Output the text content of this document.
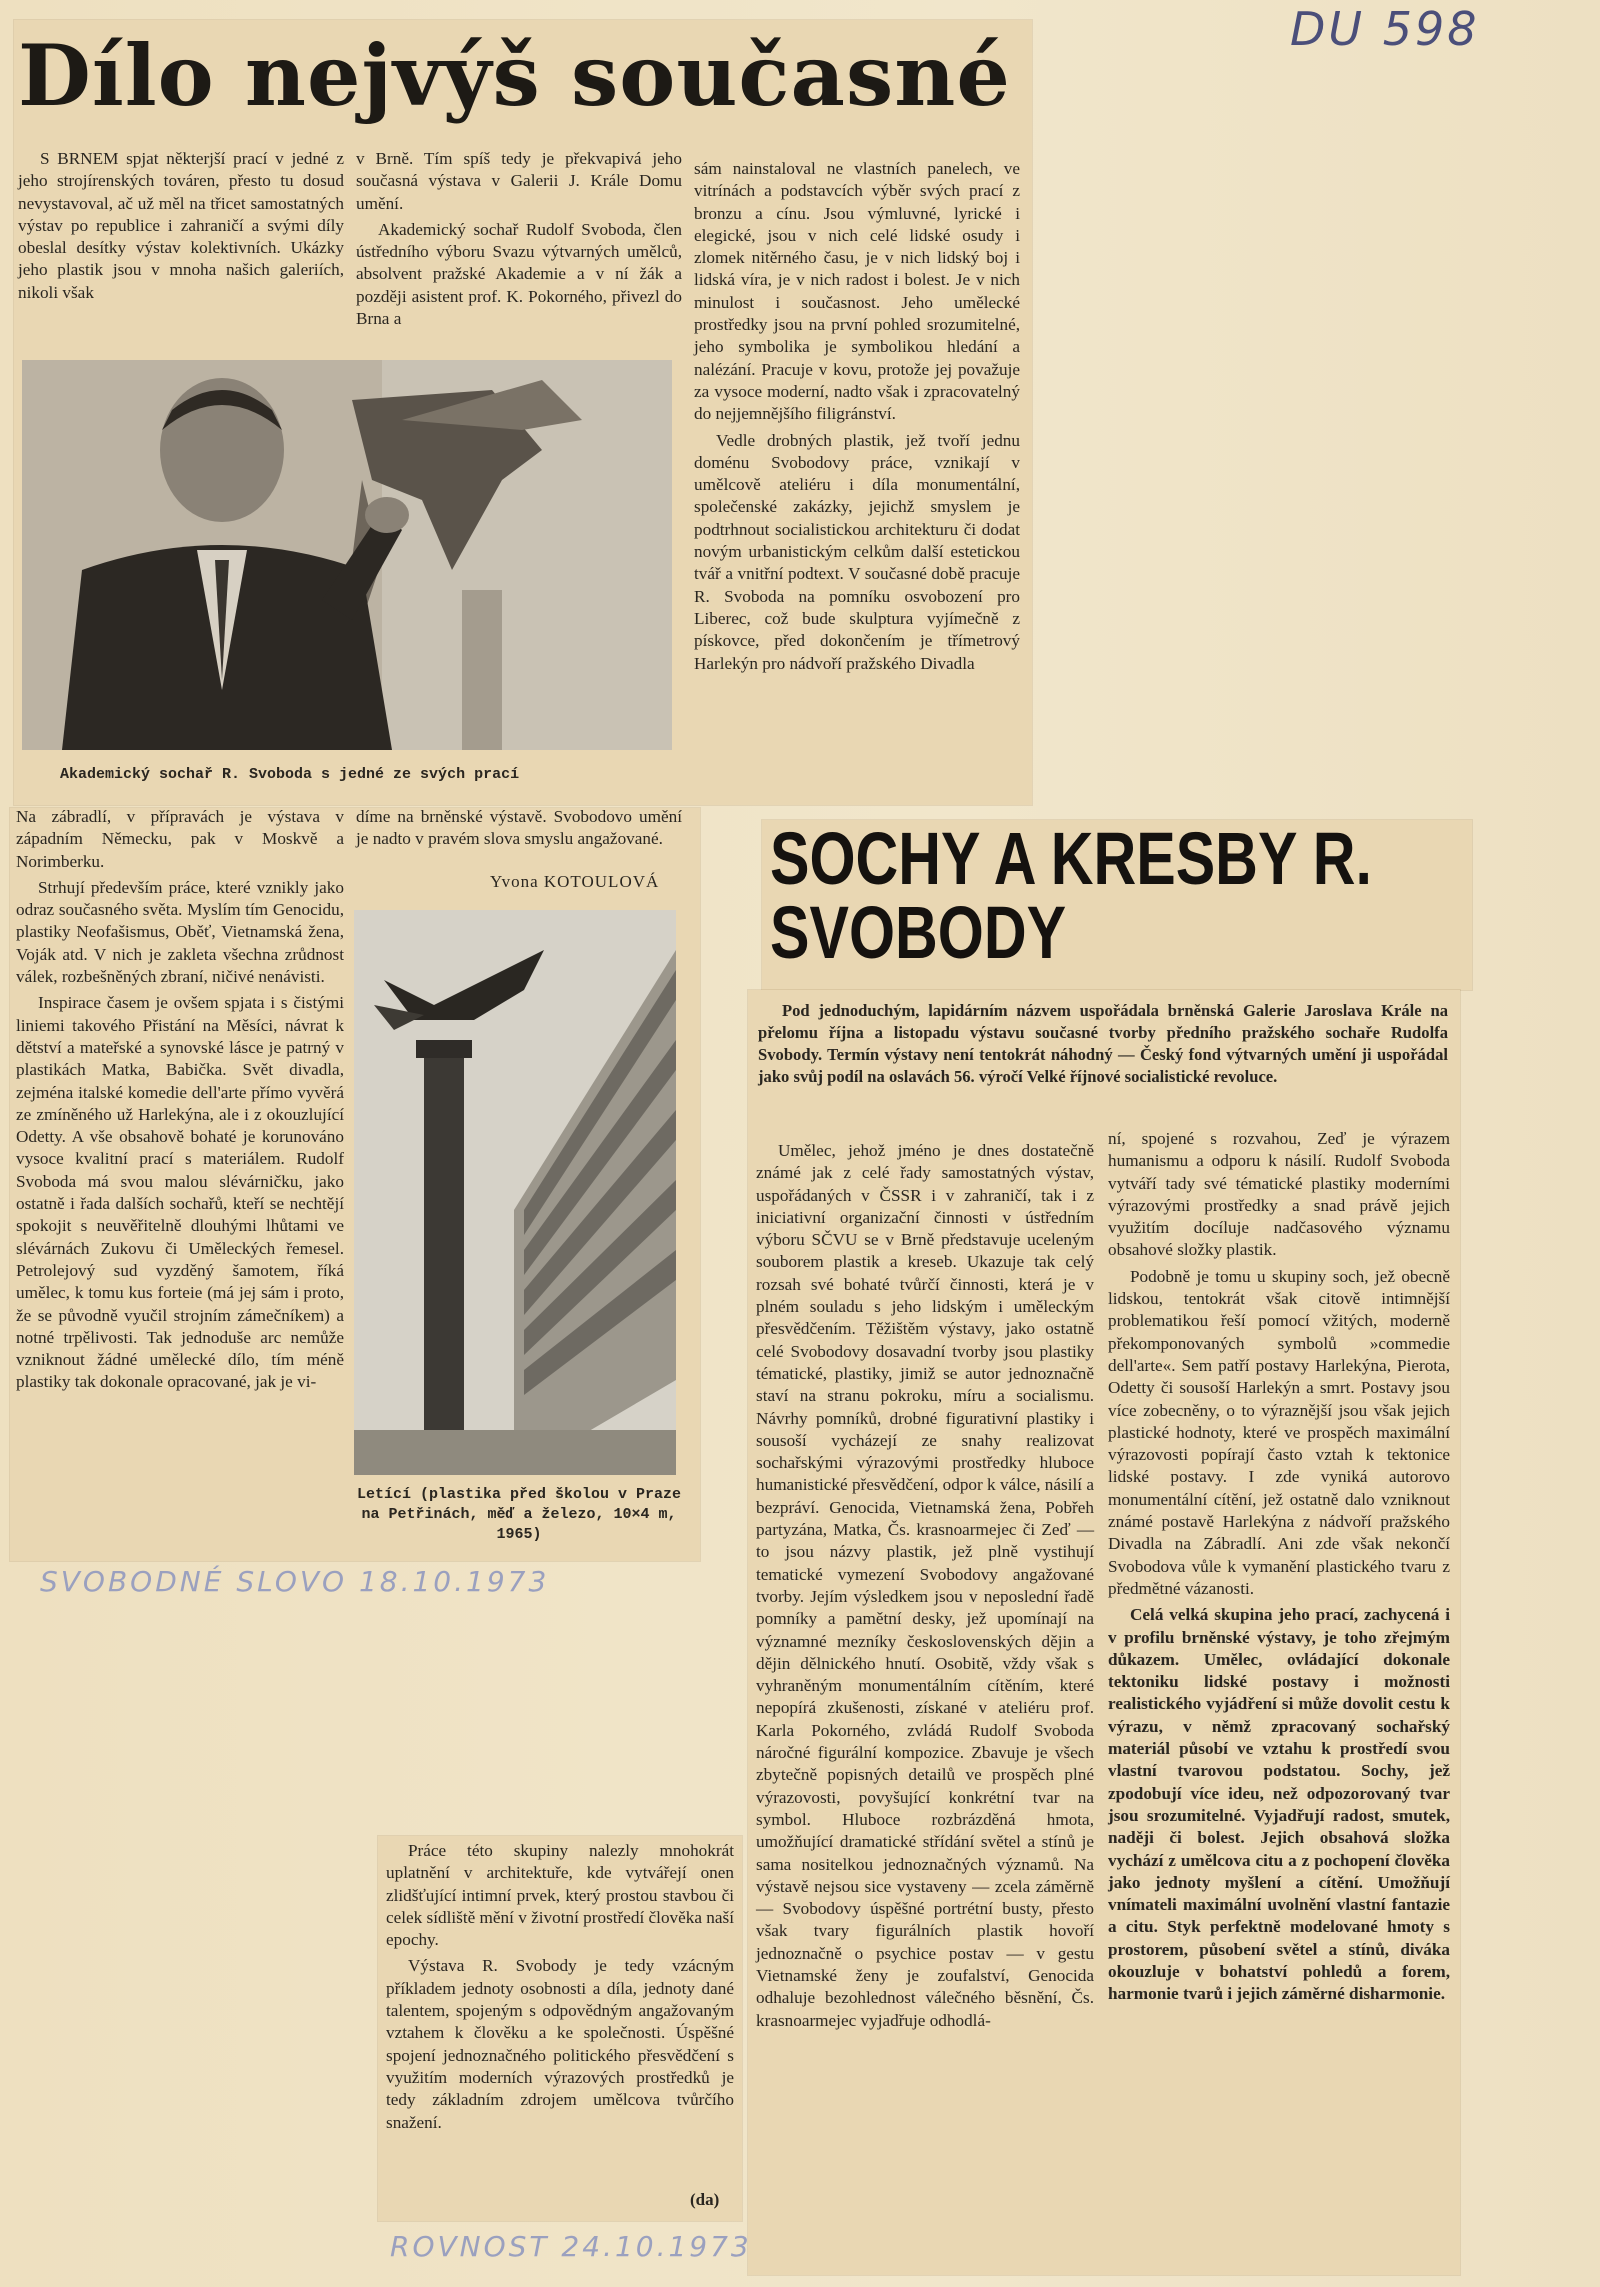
DU 598
Dílo nejvýš současné

S BRNEM spjat některjší prací v jedné z jeho strojírenských továren, přesto tu dosud nevystavoval, ač už měl na třicet samostatných výstav po republice i zahraničí a svými díly obeslal desítky výstav kolektivních. Ukázky jeho plastik jsou v mnoha našich galeriích, nikoli však

v Brně. Tím spíš tedy je překvapivá jeho současná výstava v Galerii J. Krále Domu umění.

Akademický sochař Rudolf Svoboda, člen ústředního výboru Svazu výtvarných umělců, absolvent pražské Akademie a v ní žák a později asistent prof. K. Pokorného, přivezl do Brna a

sám nainstaloval ne vlastních panelech, ve vitrínách a podstavcích výběr svých prací z bronzu a cínu. Jsou výmluvné, lyrické i elegické, jsou v nich celé lidské osudy i zlomek nitěrného času, je v nich lidský boj i lidská víra, je v nich radost i bolest. Je v nich minulost i současnost. Jeho umělecké prostředky jsou na první pohled srozumitelné, jeho symbolika je symbolikou hledání a nalézání. Pracuje v kovu, protože jej považuje za vysoce moderní, nadto však i zpracovatelný do nejjemnějšího filigránství.

Vedle drobných plastik, jež tvoří jednu doménu Svobodovy práce, vznikají v umělcově ateliéru i díla monumentální, společenské zakázky, jejichž smyslem je podtrhnout socialistickou architekturu či dodat novým urbanistickým celkům další estetickou tvář a vnitřní podtext. V současné době pracuje R. Svoboda na pomníku osvobození pro Liberec, což bude skulptura vyjímečně z pískovce, před dokončením je třímetrový Harlekýn pro nádvoří pražského Divadla

Akademický sochař R. Svoboda s jedné ze svých prací

Na zábradlí, v přípravách je výstava v západním Německu, pak v Moskvě a Norimberku.

Strhují především práce, které vznikly jako odraz současného světa. Myslím tím Genocidu, plastiky Neofašismus, Oběť, Vietnamská žena, Voják atd. V nich je zakleta všechna zrůdnost válek, rozbešněných zbraní, ničivé nenávisti.

Inspirace časem je ovšem spjata i s čistými liniemi takového Přistání na Měsíci, návrat k dětství a mateřské a synovské lásce je patrný v plastikách Matka, Babička. Svět divadla, zejména italské komedie dell'arte přímo vyvěrá ze zmíněného už Harlekýna, ale i z okouzlující Odetty. A vše obsahově bohaté je korunováno vysoce kvalitní prací s materiálem. Rudolf Svoboda má svou malou slévárničku, jako ostatně i řada dalších sochařů, kteří se nechtějí spokojit s neuvěřitelně dlouhými lhůtami ve slévárnách Zukovu či Uměleckých řemesel. Petrolejový sud vyzděný šamotem, říká umělec, k tomu kus forteie (má jej sám i proto, že se původně vyučil strojním zámečníkem) a notné trpělivosti. Tak jednoduše arc nemůže vzniknout žádné umělecké dílo, tím méně plastiky tak dokonale opracované, jak je vi-

díme na brněnské výstavě. Svobodovo umění je nadto v pravém slova smyslu angažované.

Yvona KOTOULOVÁ
Letící (plastika před školou v Praze na Petřinách, měď a železo, 10×4 m, 1965)
SVOBODNÉ SLOVO 18.10.1973
SOCHY A KRESBY R. SVOBODY
Pod jednoduchým, lapidárním názvem uspořádala brněnská Galerie Jaroslava Krále na přelomu října a listopadu výstavu současné tvorby předního pražského sochaře Rudolfa Svobody. Termín výstavy není tentokrát náhodný — Český fond výtvarných umění ji uspořádal jako svůj podíl na oslavách 56. výročí Velké říjnové socialistické revoluce.

Umělec, jehož jméno je dnes dostatečně známé jak z celé řady samostatných výstav, uspořádaných v ČSSR i v zahraničí, tak i z iniciativní organizační činnosti v ústředním výboru SČVU se v Brně představuje uceleným souborem plastik a kreseb. Ukazuje tak celý rozsah své bohaté tvůrčí činnosti, která je v plném souladu s jeho lidským i uměleckým přesvědčením. Těžištěm výstavy, jako ostatně celé Svobodovy dosavadní tvorby jsou plastiky tématické, plastiky, jimiž se autor jednoznačně staví na stranu pokroku, míru a socialismu. Návrhy pomníků, drobné figurativní plastiky i sousoší vycházejí ze snahy realizovat sochařskými výrazovými prostředky hluboce humanistické přesvědčení, odpor k válce, násilí a bezpráví. Genocida, Vietnamská žena, Pobřeh partyzána, Matka, Čs. krasnoarmejec či Zeď — to jsou názvy plastik, jež plně vystihují tematické vymezení Svobodovy angažované tvorby. Jejím výsledkem jsou v neposlední řadě pomníky a pamětní desky, jež upomínají na významné mezníky československých dějin a dějin dělnického hnutí. Osobitě, vždy však s vyhraněným monumentálním cítěním, které nepopírá zkušenosti, získané v ateliéru prof. Karla Pokorného, zvládá Rudolf Svoboda náročné figurální kompozice. Zbavuje je všech zbytečně popisných detailů ve prospěch plné výrazovosti, povyšující konkrétní tvar na symbol. Hluboce rozbrázděná hmota, umožňující dramatické střídání světel a stínů je sama nositelkou jednoznačných významů. Na výstavě nejsou sice vystaveny — zcela záměrně — Svobodovy úspěšné portrétní busty, přesto však tvary figurálních plastik hovoří jednoznačně o psychice postav — v gestu Vietnamské ženy je zoufalství, Genocida odhaluje bezohlednost válečného běsnění, Čs. krasnoarmejec vyjadřuje odhodlá-

ní, spojené s rozvahou, Zeď je výrazem humanismu a odporu k násilí. Rudolf Svoboda vytváří tady své tématické plastiky moderními výrazovými prostředky a snad právě jejich využitím docíluje nadčasového významu obsahové složky plastik.

Podobně je tomu u skupiny soch, jež obecně lidskou, tentokrát však citově intimnější problematikou řeší pomocí vžitých, moderně překomponovaných symbolů »commedie dell'arte«. Sem patří postavy Harlekýna, Pierota, Odetty či sousoší Harlekýn a smrt. Postavy jsou více zobecněny, o to výraznější jsou však jejich plastické hodnoty, které ve prospěch maximální výrazovosti popírají často vztah k tektonice lidské postavy. I zde vyniká autorovo monumentální cítění, jež ostatně dalo vzniknout známé postavě Harlekýna z nádvoří pražského Divadla na Zábradlí. Ani zde však nekončí Svobodova vůle k vymanění plastického tvaru z předmětné vázanosti.

Celá velká skupina jeho prací, zachycená i v profilu brněnské výstavy, je toho zřejmým důkazem. Umělec, ovládající dokonale tektoniku lidské postavy i možnosti realistického vyjádření si může dovolit cestu k výrazu, v němž zpracovaný sochařský materiál působí ve vztahu k prostředí svou vlastní tvarovou podstatou. Sochy, jež zpodobují více ideu, než odpozorovaný tvar jsou srozumitelné. Vyjadřují radost, smutek, naději či bolest. Jejich obsahová složka vychází z umělcova citu a z pochopení člověka jako jednoty myšlení a cítění. Umožňují vnímateli maximální uvolnění vlastní fantazie a citu. Styk perfektně modelované hmoty s prostorem, působení světel a stínů, diváka okouzluje v bohatství pohledů a forem, harmonie tvarů i jejich záměrné disharmonie.

Práce této skupiny nalezly mnohokrát uplatnění v architektuře, kde vytvářejí onen zlidšťující intimní prvek, který prostou stavbou či celek sídliště mění v životní prostředí člověka naší epochy.

Výstava R. Svobody je tedy vzácným příkladem jednoty osobnosti a díla, jednoty dané talentem, spojeným s odpovědným angažovaným vztahem k člověku a ke společnosti. Úspěšné spojení jednoznačného politického přesvědčení s využitím moderních výrazových prostředků je tedy základním zdrojem umělcova tvůrčího snažení.

(da)
ROVNOST 24.10.1973
